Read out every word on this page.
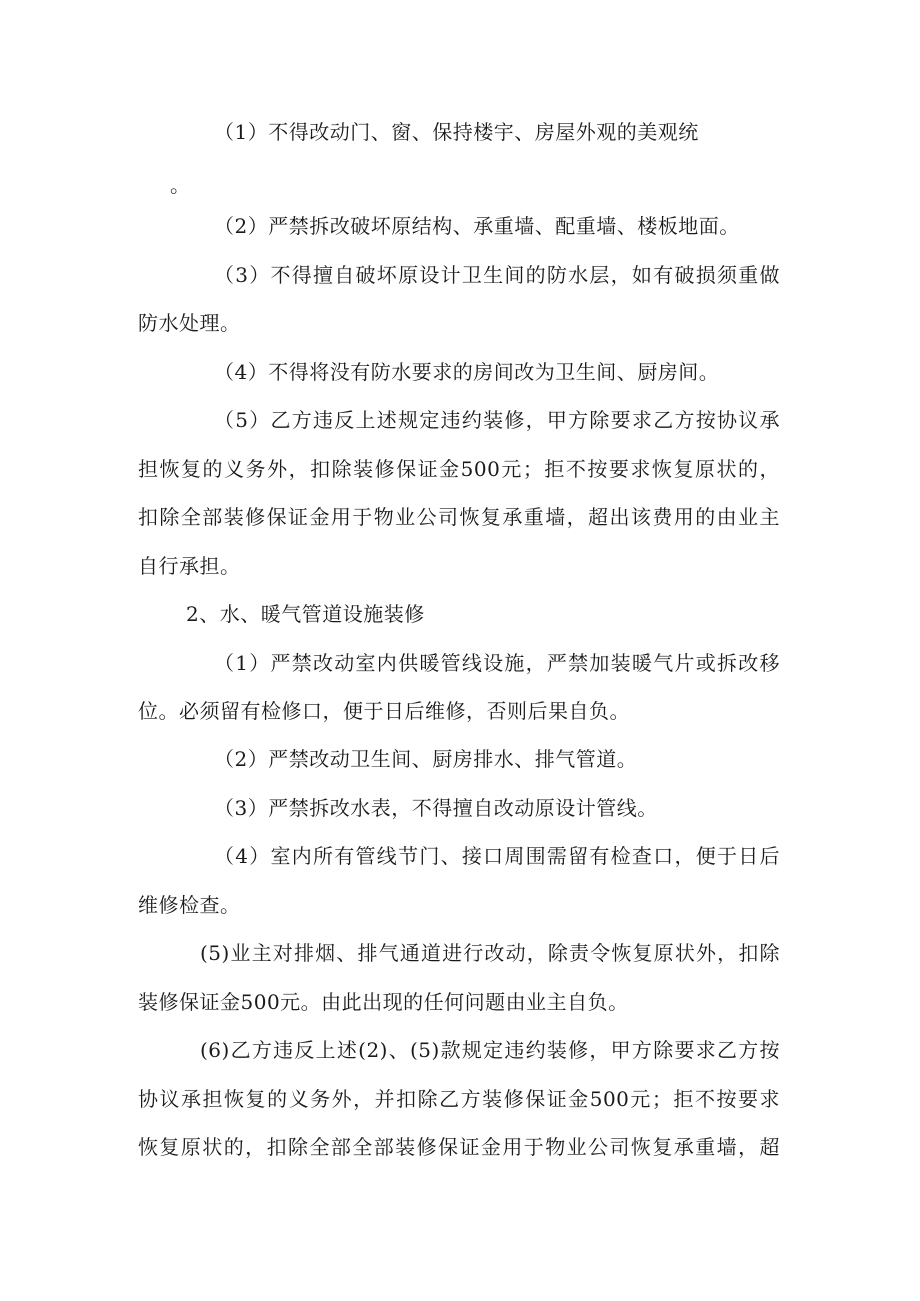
（1）不得改动门、窗、保持楼宇、房屋外观的美观统
。
（2）严禁拆改破坏原结构、承重墙、配重墙、楼板地面。
（3）不得擅自破坏原设计卫生间的防水层，如有破损须重做
防水处理。
（4）不得将没有防水要求的房间改为卫生间、厨房间。
（5）乙方违反上述规定违约装修，甲方除要求乙方按协议承
担恢复的义务外，扣除装修保证金500元；拒不按要求恢复原状的，
扣除全部装修保证金用于物业公司恢复承重墙，超出该费用的由业主
自行承担。
2、水、暖气管道设施装修
（1）严禁改动室内供暖管线设施，严禁加装暖气片或拆改移
位。必须留有检修口，便于日后维修，否则后果自负。
（2）严禁改动卫生间、厨房排水、排气管道。
（3）严禁拆改水表，不得擅自改动原设计管线。
（4）室内所有管线节门、接口周围需留有检查口，便于日后
维修检查。
(5)业主对排烟、排气通道进行改动，除责令恢复原状外，扣除
装修保证金500元。由此出现的任何问题由业主自负。
(6)乙方违反上述(2)、(5)款规定违约装修，甲方除要求乙方按
协议承担恢复的义务外，并扣除乙方装修保证金500元；拒不按要求
恢复原状的，扣除全部全部装修保证金用于物业公司恢复承重墙，超
